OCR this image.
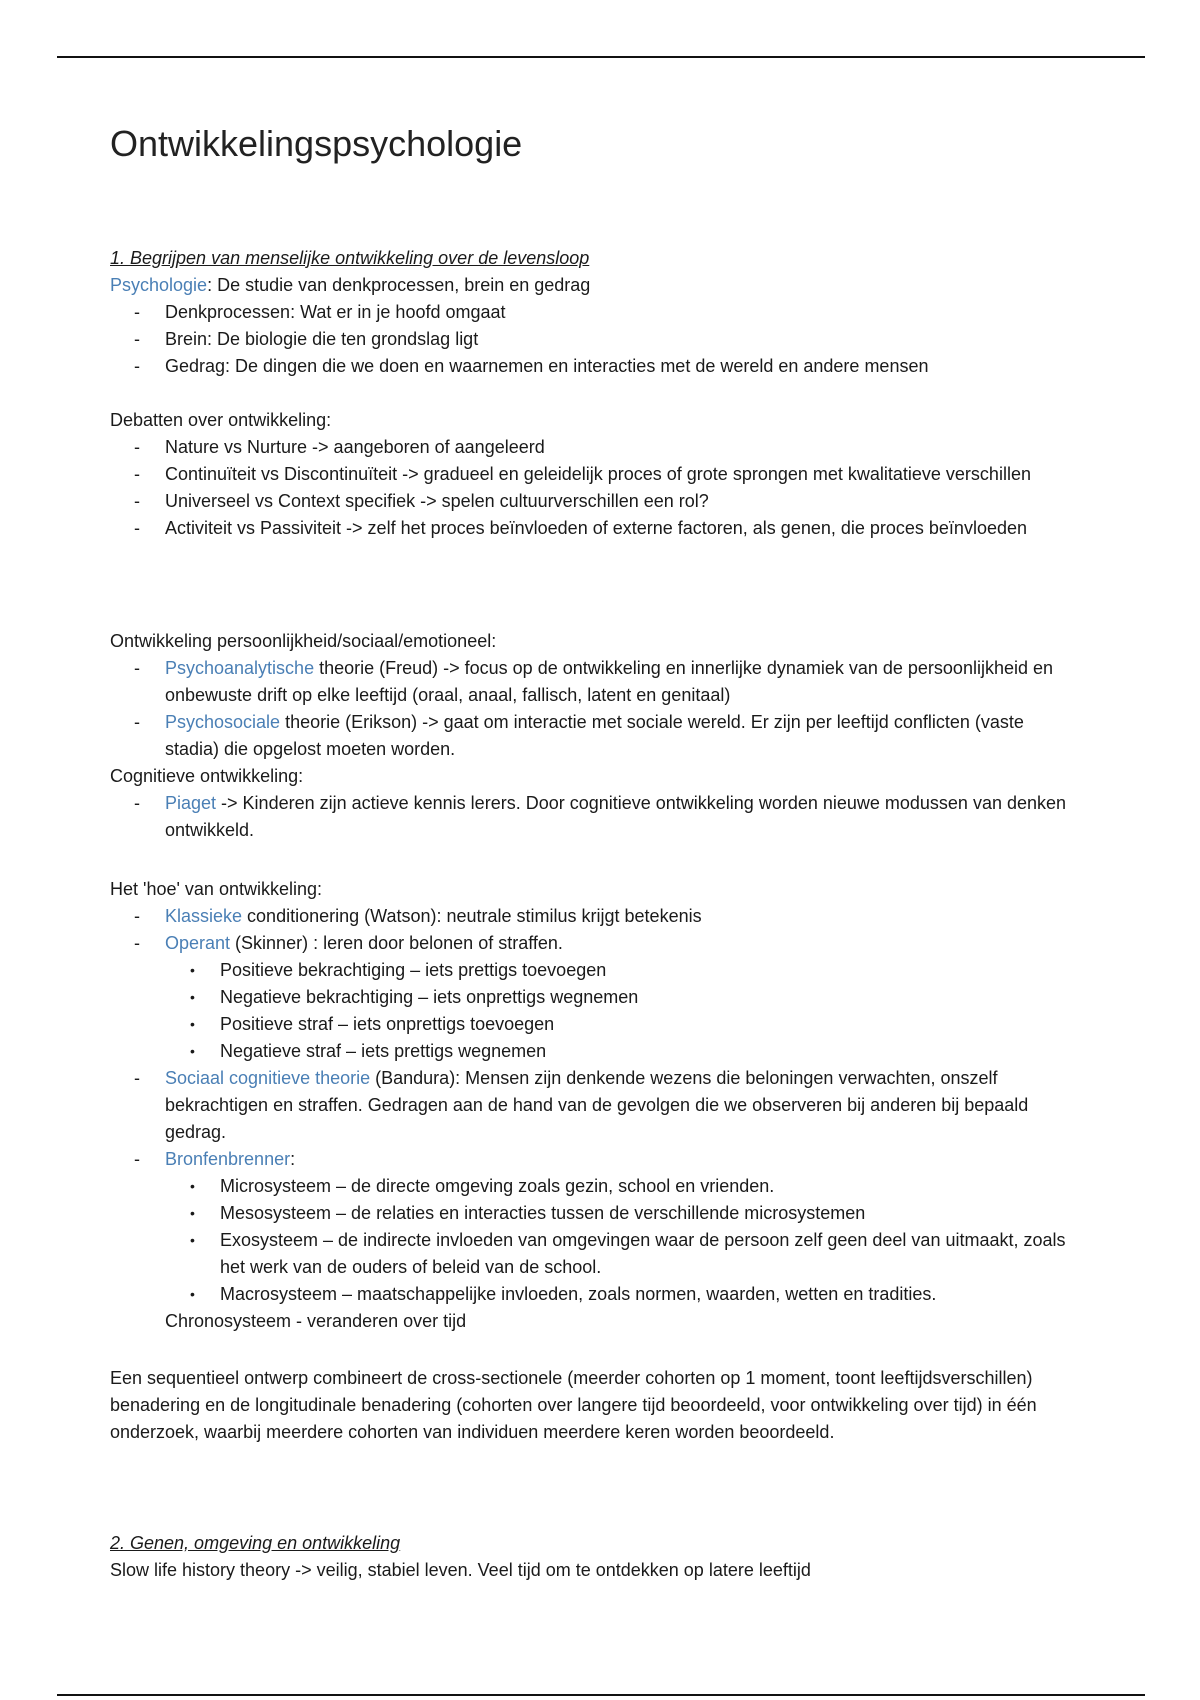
Ontwikkelingspsychologie

1. Begrijpen van menselijke ontwikkeling over de levensloop

Psychologie: De studie van denkprocessen, brein en gedrag

- Denkprocessen: Wat er in je hoofd omgaat
- Brein: De biologie die ten grondslag ligt
- Gedrag: De dingen die we doen en waarnemen en interacties met de wereld en andere mensen

Debatten over ontwikkeling:

- Nature vs Nurture -> aangeboren of aangeleerd
- Continuïteit vs Discontinuïteit -> gradueel en geleidelijk proces of grote sprongen met kwalitatieve verschillen
- Universeel vs Context specifiek -> spelen cultuurverschillen een rol?
- Activiteit vs Passiviteit -> zelf het proces beïnvloeden of externe factoren, als genen, die proces beïnvloeden

Ontwikkeling persoonlijkheid/sociaal/emotioneel:

- Psychoanalytische theorie (Freud) -> focus op de ontwikkeling en innerlijke dynamiek van de persoonlijkheid en onbewuste drift op elke leeftijd (oraal, anaal, fallisch, latent en genitaal)
- Psychosociale theorie (Erikson) -> gaat om interactie met sociale wereld. Er zijn per leeftijd conflicten (vaste stadia) die opgelost moeten worden.

Cognitieve ontwikkeling:

- Piaget -> Kinderen zijn actieve kennis lerers. Door cognitieve ontwikkeling worden nieuwe modussen van denken ontwikkeld.

Het 'hoe' van ontwikkeling:

- Klassieke conditionering (Watson): neutrale stimilus krijgt betekenis
- Operant (Skinner) : leren door belonen of straffen.
• Positieve bekrachtiging – iets prettigs toevoegen
• Negatieve bekrachtiging – iets onprettigs wegnemen
• Positieve straf – iets onprettigs toevoegen
• Negatieve straf – iets prettigs wegnemen
- Sociaal cognitieve theorie (Bandura): Mensen zijn denkende wezens die beloningen verwachten, onszelf bekrachtigen en straffen. Gedragen aan de hand van de gevolgen die we observeren bij anderen bij bepaald gedrag.
- Bronfenbrenner:
• Microsysteem – de directe omgeving zoals gezin, school en vrienden.
• Mesosysteem – de relaties en interacties tussen de verschillende microsystemen
• Exosysteem – de indirecte invloeden van omgevingen waar de persoon zelf geen deel van uitmaakt, zoals het werk van de ouders of beleid van de school.
• Macrosysteem – maatschappelijke invloeden, zoals normen, waarden, wetten en tradities.

Chronosysteem - veranderen over tijd

Een sequentieel ontwerp combineert de cross-sectionele (meerder cohorten op 1 moment, toont leeftijdsverschillen) benadering en de longitudinale benadering (cohorten over langere tijd beoordeeld, voor ontwikkeling over tijd) in één onderzoek, waarbij meerdere cohorten van individuen meerdere keren worden beoordeeld.

2. Genen, omgeving en ontwikkeling

Slow life history theory -> veilig, stabiel leven. Veel tijd om te ontdekken op latere leeftijd
